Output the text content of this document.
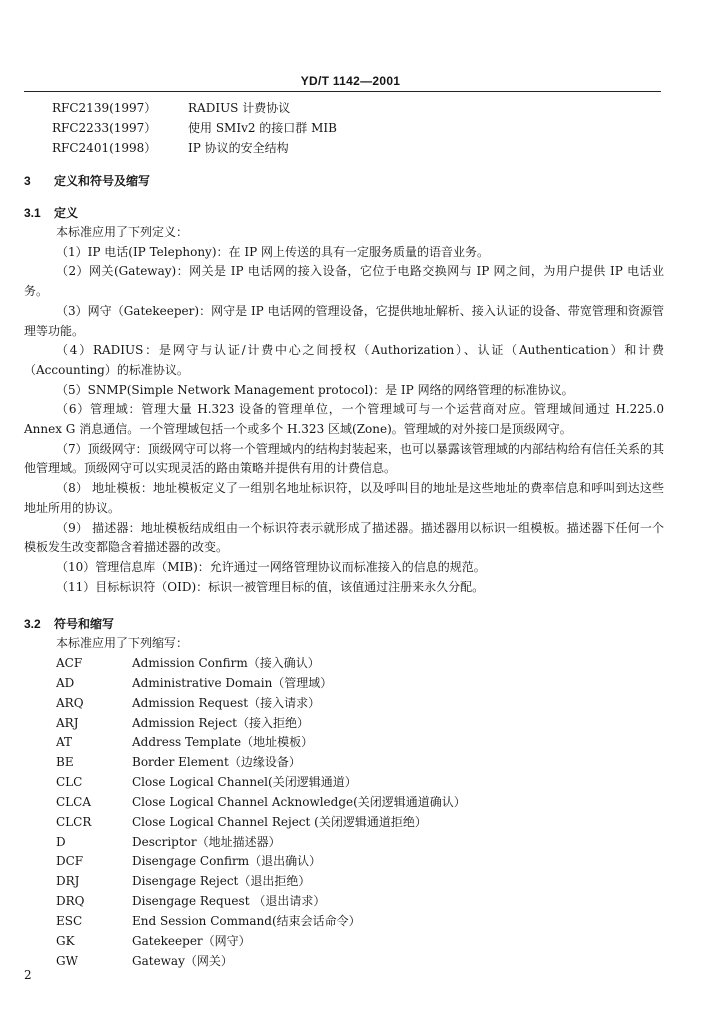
YD/T 1142—2001
RFC2139(1997）	RADIUS 计费协议
RFC2233(1997）	使用 SMIv2 的接口群 MIB
RFC2401(1998）	IP 协议的安全结构
3 定义和符号及缩写
3.1 定义

本标准应用了下列定义：

（1）IP 电话(IP Telephony)：在 IP 网上传送的具有一定服务质量的语音业务。

（2）网关(Gateway)：网关是 IP 电话网的接入设备，它位于电路交换网与 IP 网之间，为用户提供 IP 电话业务。

（3）网守（Gatekeeper)：网守是 IP 电话网的管理设备，它提供地址解析、接入认证的设备、带宽管理和资源管理等功能。

（4）RADIUS：是网守与认证/计费中心之间授权（Authorization）、认证（Authentication）和计费（Accounting）的标准协议。

（5）SNMP(Simple Network Management protocol)：是 IP 网络的网络管理的标准协议。

（6）管理域：管理大量 H.323 设备的管理单位，一个管理域可与一个运营商对应。管理域间通过 H.225.0 Annex G 消息通信。一个管理域包括一个或多个 H.323 区域(Zone)。管理域的对外接口是顶级网守。

（7）顶级网守：顶级网守可以将一个管理域内的结构封装起来，也可以暴露该管理域的内部结构给有信任关系的其他管理域。顶级网守可以实现灵活的路由策略并提供有用的计费信息。

（8） 地址模板：地址模板定义了一组别名地址标识符，以及呼叫目的地址是这些地址的费率信息和呼叫到达这些地址所用的协议。

（9） 描述器：地址模板结成组由一个标识符表示就形成了描述器。描述器用以标识一组模板。描述器下任何一个模板发生改变都隐含着描述器的改变。

（10）管理信息库（MIB)：允许通过一网络管理协议而标准接入的信息的规范。

（11）目标标识符（OID)：标识一被管理目标的值，该值通过注册来永久分配。

3.2 符号和缩写
本标准应用了下列缩写：
ACF	Admission Confirm（接入确认）
AD	Administrative Domain（管理域）
ARQ	Admission Request（接入请求）
ARJ	Admission Reject（接入拒绝）
AT	Address Template（地址模板）
BE	Border Element（边缘设备）
CLC	Close Logical Channel(关闭逻辑通道）
CLCA	Close Logical Channel Acknowledge(关闭逻辑通道确认）
CLCR	Close Logical Channel Reject (关闭逻辑通道拒绝）
D	Descriptor（地址描述器）
DCF	Disengage Confirm（退出确认）
DRJ	Disengage Reject（退出拒绝）
DRQ	Disengage Request （退出请求）
ESC	End Session Command(结束会话命令）
GK	Gatekeeper（网守）
GW	Gateway（网关）
2
